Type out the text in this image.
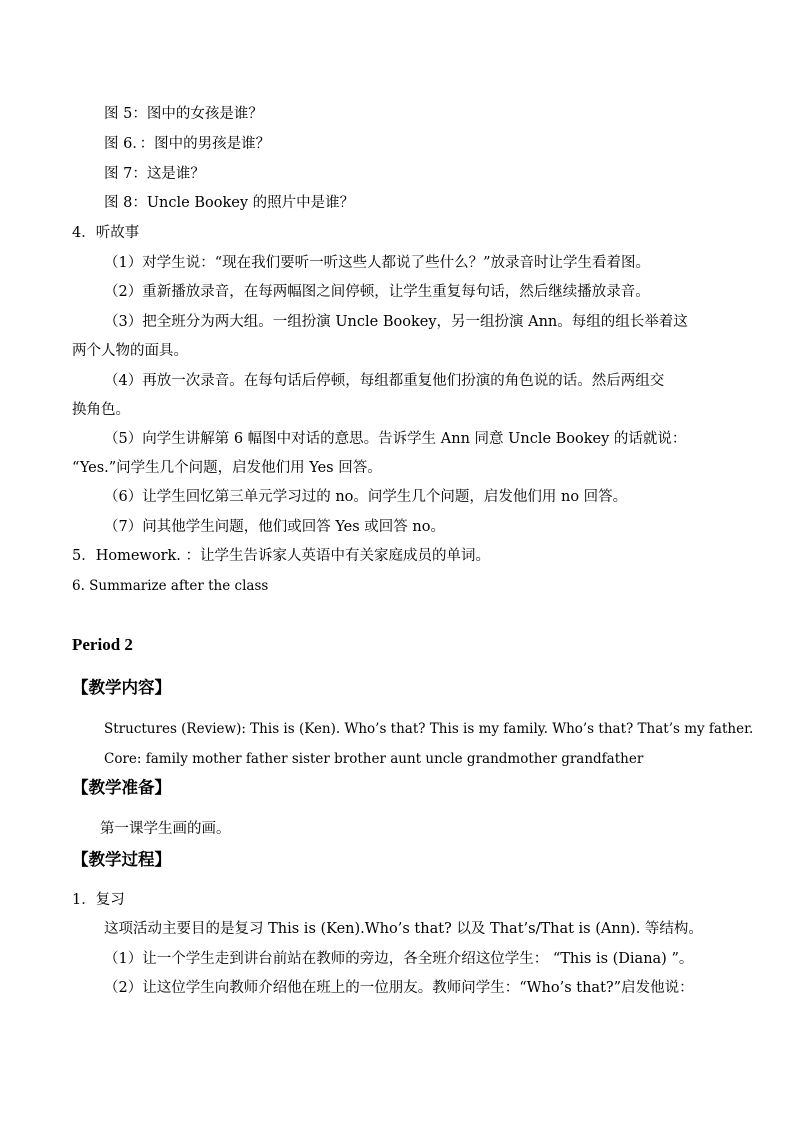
图 5：图中的女孩是谁？
图 6．：图中的男孩是谁？
图 7：这是谁？
图 8：Uncle Bookey 的照片中是谁？
4．听故事
（1）对学生说：“现在我们要听一听这些人都说了些什么？”放录音时让学生看着图。
（2）重新播放录音，在每两幅图之间停顿，让学生重复每句话，然后继续播放录音。
（3）把全班分为两大组。一组扮演 Uncle Bookey，另一组扮演 Ann。每组的组长举着这
两个人物的面具。
（4）再放一次录音。在每句话后停顿，每组都重复他们扮演的角色说的话。然后两组交
换角色。
（5）向学生讲解第 6 幅图中对话的意思。告诉学生 Ann 同意 Uncle Bookey 的话就说：
“Yes.”问学生几个问题，启发他们用 Yes 回答。
（6）让学生回忆第三单元学习过的 no。问学生几个问题，启发他们用 no 回答。
（7）问其他学生问题，他们或回答 Yes 或回答 no。
5．Homework. ：让学生告诉家人英语中有关家庭成员的单词。
6. Summarize after the class
Period 2
【教学内容】
Structures (Review): This is (Ken). Who’s that? This is my family. Who’s that? That’s my father.
Core: family mother father sister brother aunt uncle grandmother grandfather
【教学准备】
第一课学生画的画。
【教学过程】
1．复习
这项活动主要目的是复习 This is (Ken).Who’s that? 以及 That’s/That is (Ann). 等结构。
（1）让一个学生走到讲台前站在教师的旁边，各全班介绍这位学生： “This is (Diana) ”。
（2）让这位学生向教师介绍他在班上的一位朋友。教师问学生：“Who’s that?”启发他说：
